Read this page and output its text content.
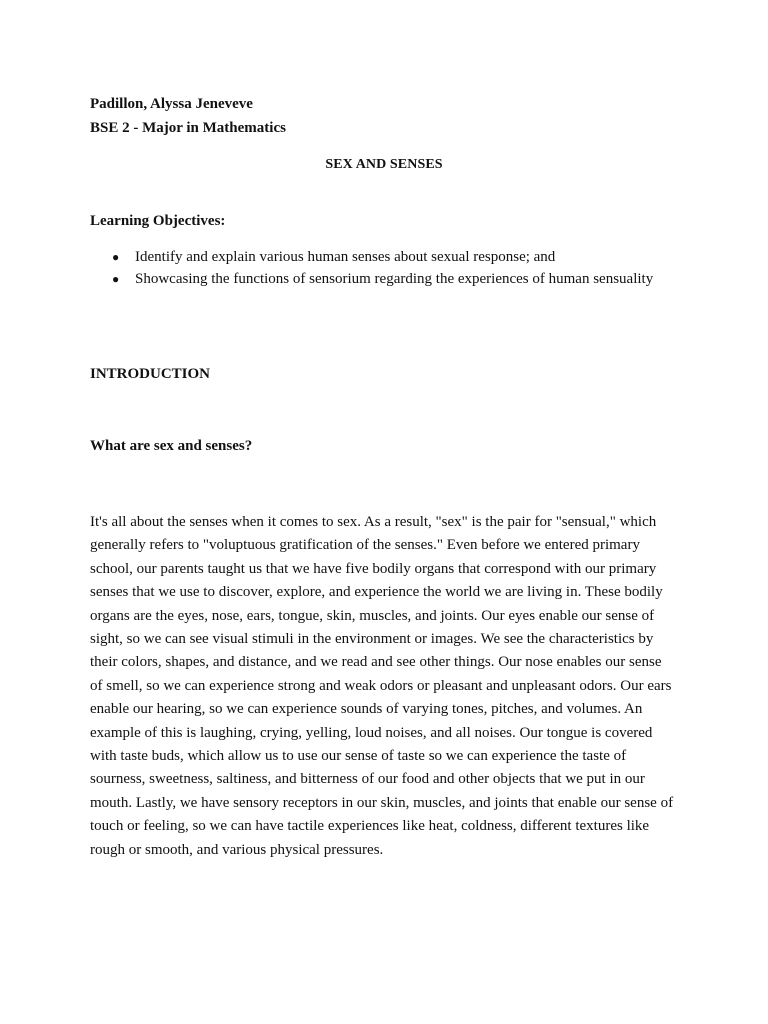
Padillon, Alyssa Jeneveve
BSE 2 - Major in Mathematics
SEX AND SENSES
Learning Objectives:
● Identify and explain various human senses about sexual response; and
● Showcasing the functions of sensorium regarding the experiences of human sensuality
INTRODUCTION
What are sex and senses?

It's all about the senses when it comes to sex. As a result, "sex" is the pair for "sensual," which generally refers to "voluptuous gratification of the senses." Even before we entered primary school, our parents taught us that we have five bodily organs that correspond with our primary senses that we use to discover, explore, and experience the world we are living in. These bodily organs are the eyes, nose, ears, tongue, skin, muscles, and joints. Our eyes enable our sense of sight, so we can see visual stimuli in the environment or images. We see the characteristics by their colors, shapes, and distance, and we read and see other things. Our nose enables our sense of smell, so we can experience strong and weak odors or pleasant and unpleasant odors. Our ears enable our hearing, so we can experience sounds of varying tones, pitches, and volumes. An example of this is laughing, crying, yelling, loud noises, and all noises. Our tongue is covered with taste buds, which allow us to use our sense of taste so we can experience the taste of sourness, sweetness, saltiness, and bitterness of our food and other objects that we put in our mouth. Lastly, we have sensory receptors in our skin, muscles, and joints that enable our sense of touch or feeling, so we can have tactile experiences like heat, coldness, different textures like rough or smooth, and various physical pressures.
